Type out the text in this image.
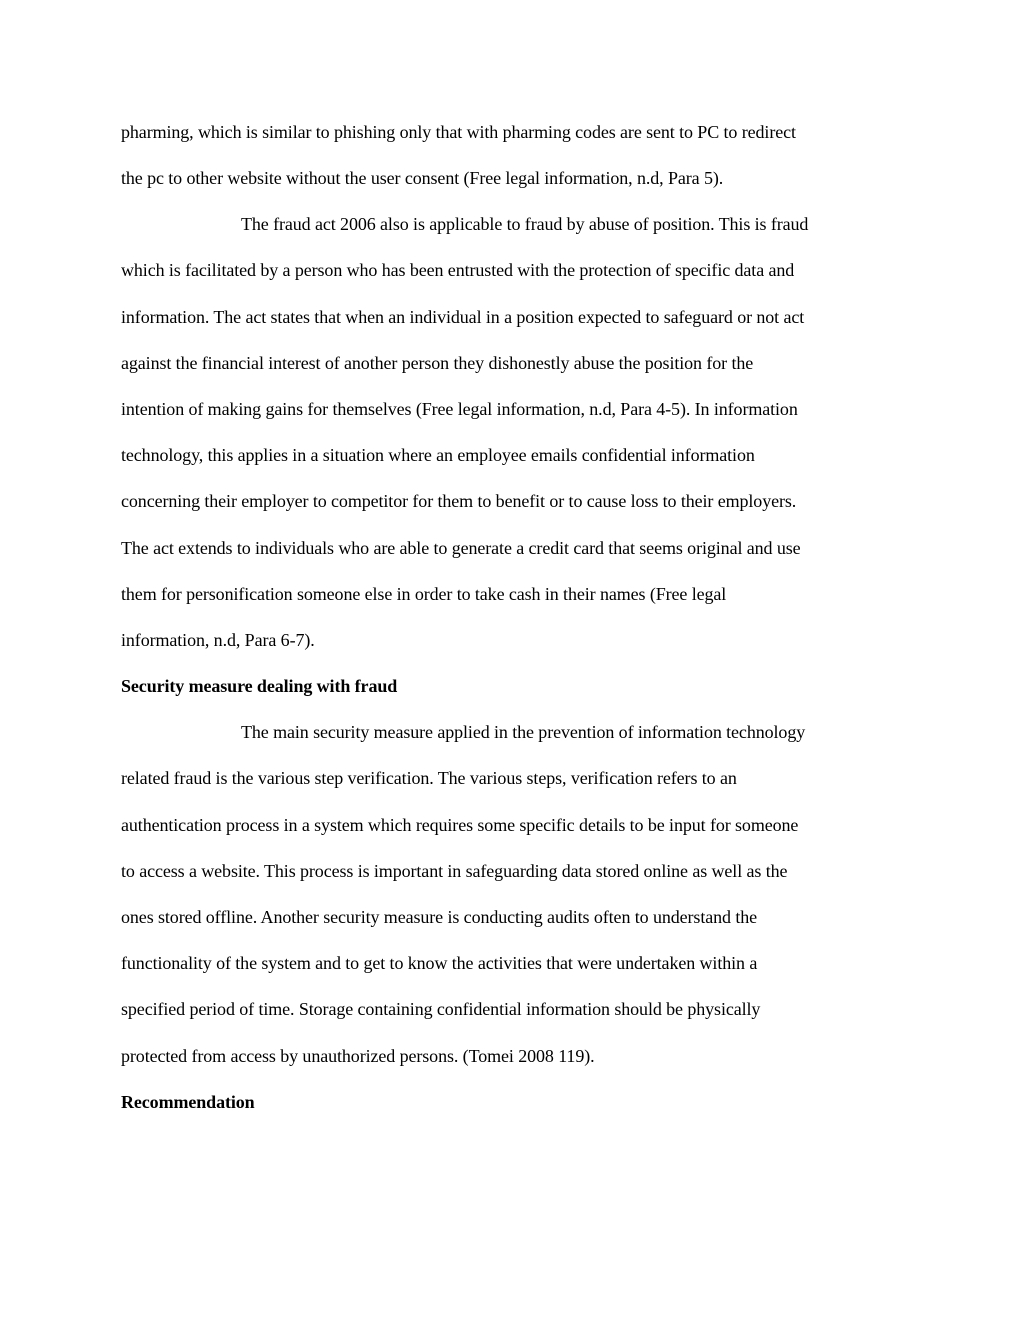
pharming, which is similar to phishing only that with pharming codes are sent to PC to redirect
the pc to other website without the user consent (Free legal information, n.d, Para 5).
The fraud act 2006 also is applicable to fraud by abuse of position. This is fraud
which is facilitated by a person who has been entrusted with the protection of specific data and
information. The act states that when an individual in a position expected to safeguard or not act
against the financial interest of another person they dishonestly abuse the position for the
intention of making gains for themselves (Free legal information, n.d, Para 4-5). In information
technology, this applies in a situation where an employee emails confidential information
concerning their employer to competitor for them to benefit or to cause loss to their employers.
The act extends to individuals who are able to generate a credit card that seems original and use
them for personification someone else in order to take cash in their names (Free legal
information, n.d, Para 6-7).
Security measure dealing with fraud
The main security measure applied in the prevention of information technology
related fraud is the various step verification. The various steps, verification refers to an
authentication process in a system which requires some specific details to be input for someone
to access a website. This process is important in safeguarding data stored online as well as the
ones stored offline. Another security measure is conducting audits often to understand the
functionality of the system and to get to know the activities that were undertaken within a
specified period of time. Storage containing confidential information should be physically
protected from access by unauthorized persons. (Tomei 2008 119).
Recommendation
